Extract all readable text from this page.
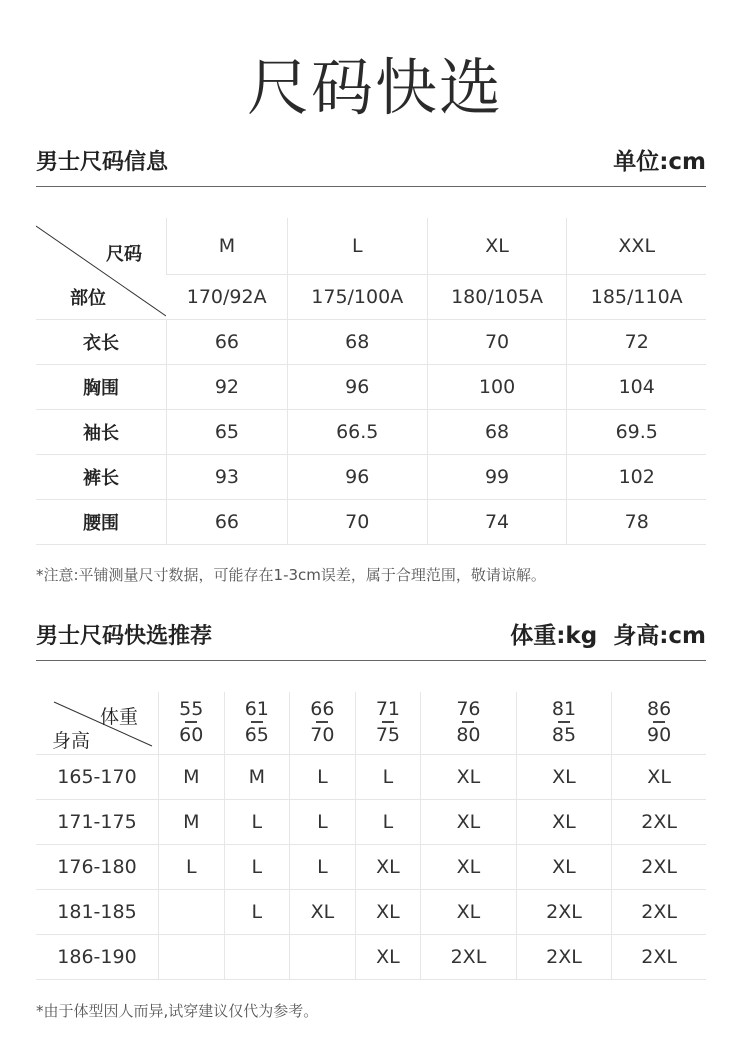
尺码快选
男士尺码信息	单位:cm
尺码
部位	M	L	XL	XXL
	170/92A	175/100A	180/105A	185/110A
衣长	66	68	70	72
胸围	92	96	100	104
袖长	65	66.5	68	69.5
裤长	93	96	99	102
腰围	66	70	74	78
*注意:平铺测量尺寸数据，可能存在1-3cm误差，属于合理范围，敬请谅解。
男士尺码快选推荐	体重:kg  身高:cm
体重
身高	$\frac{55}{60}$	$\frac{61}{65}$	$\frac{66}{70}$	$\frac{71}{75}$	$\frac{76}{80}$	$\frac{81}{85}$	$\frac{86}{90}$
165-170	M	M	L	L	XL	XL	XL
171-175	M	L	L	L	XL	XL	2XL
176-180	L	L	L	XL	XL	XL	2XL
181-185		L	XL	XL	XL	2XL	2XL
186-190				XL	2XL	2XL	2XL
*由于体型因人而异,试穿建议仅代为参考。
